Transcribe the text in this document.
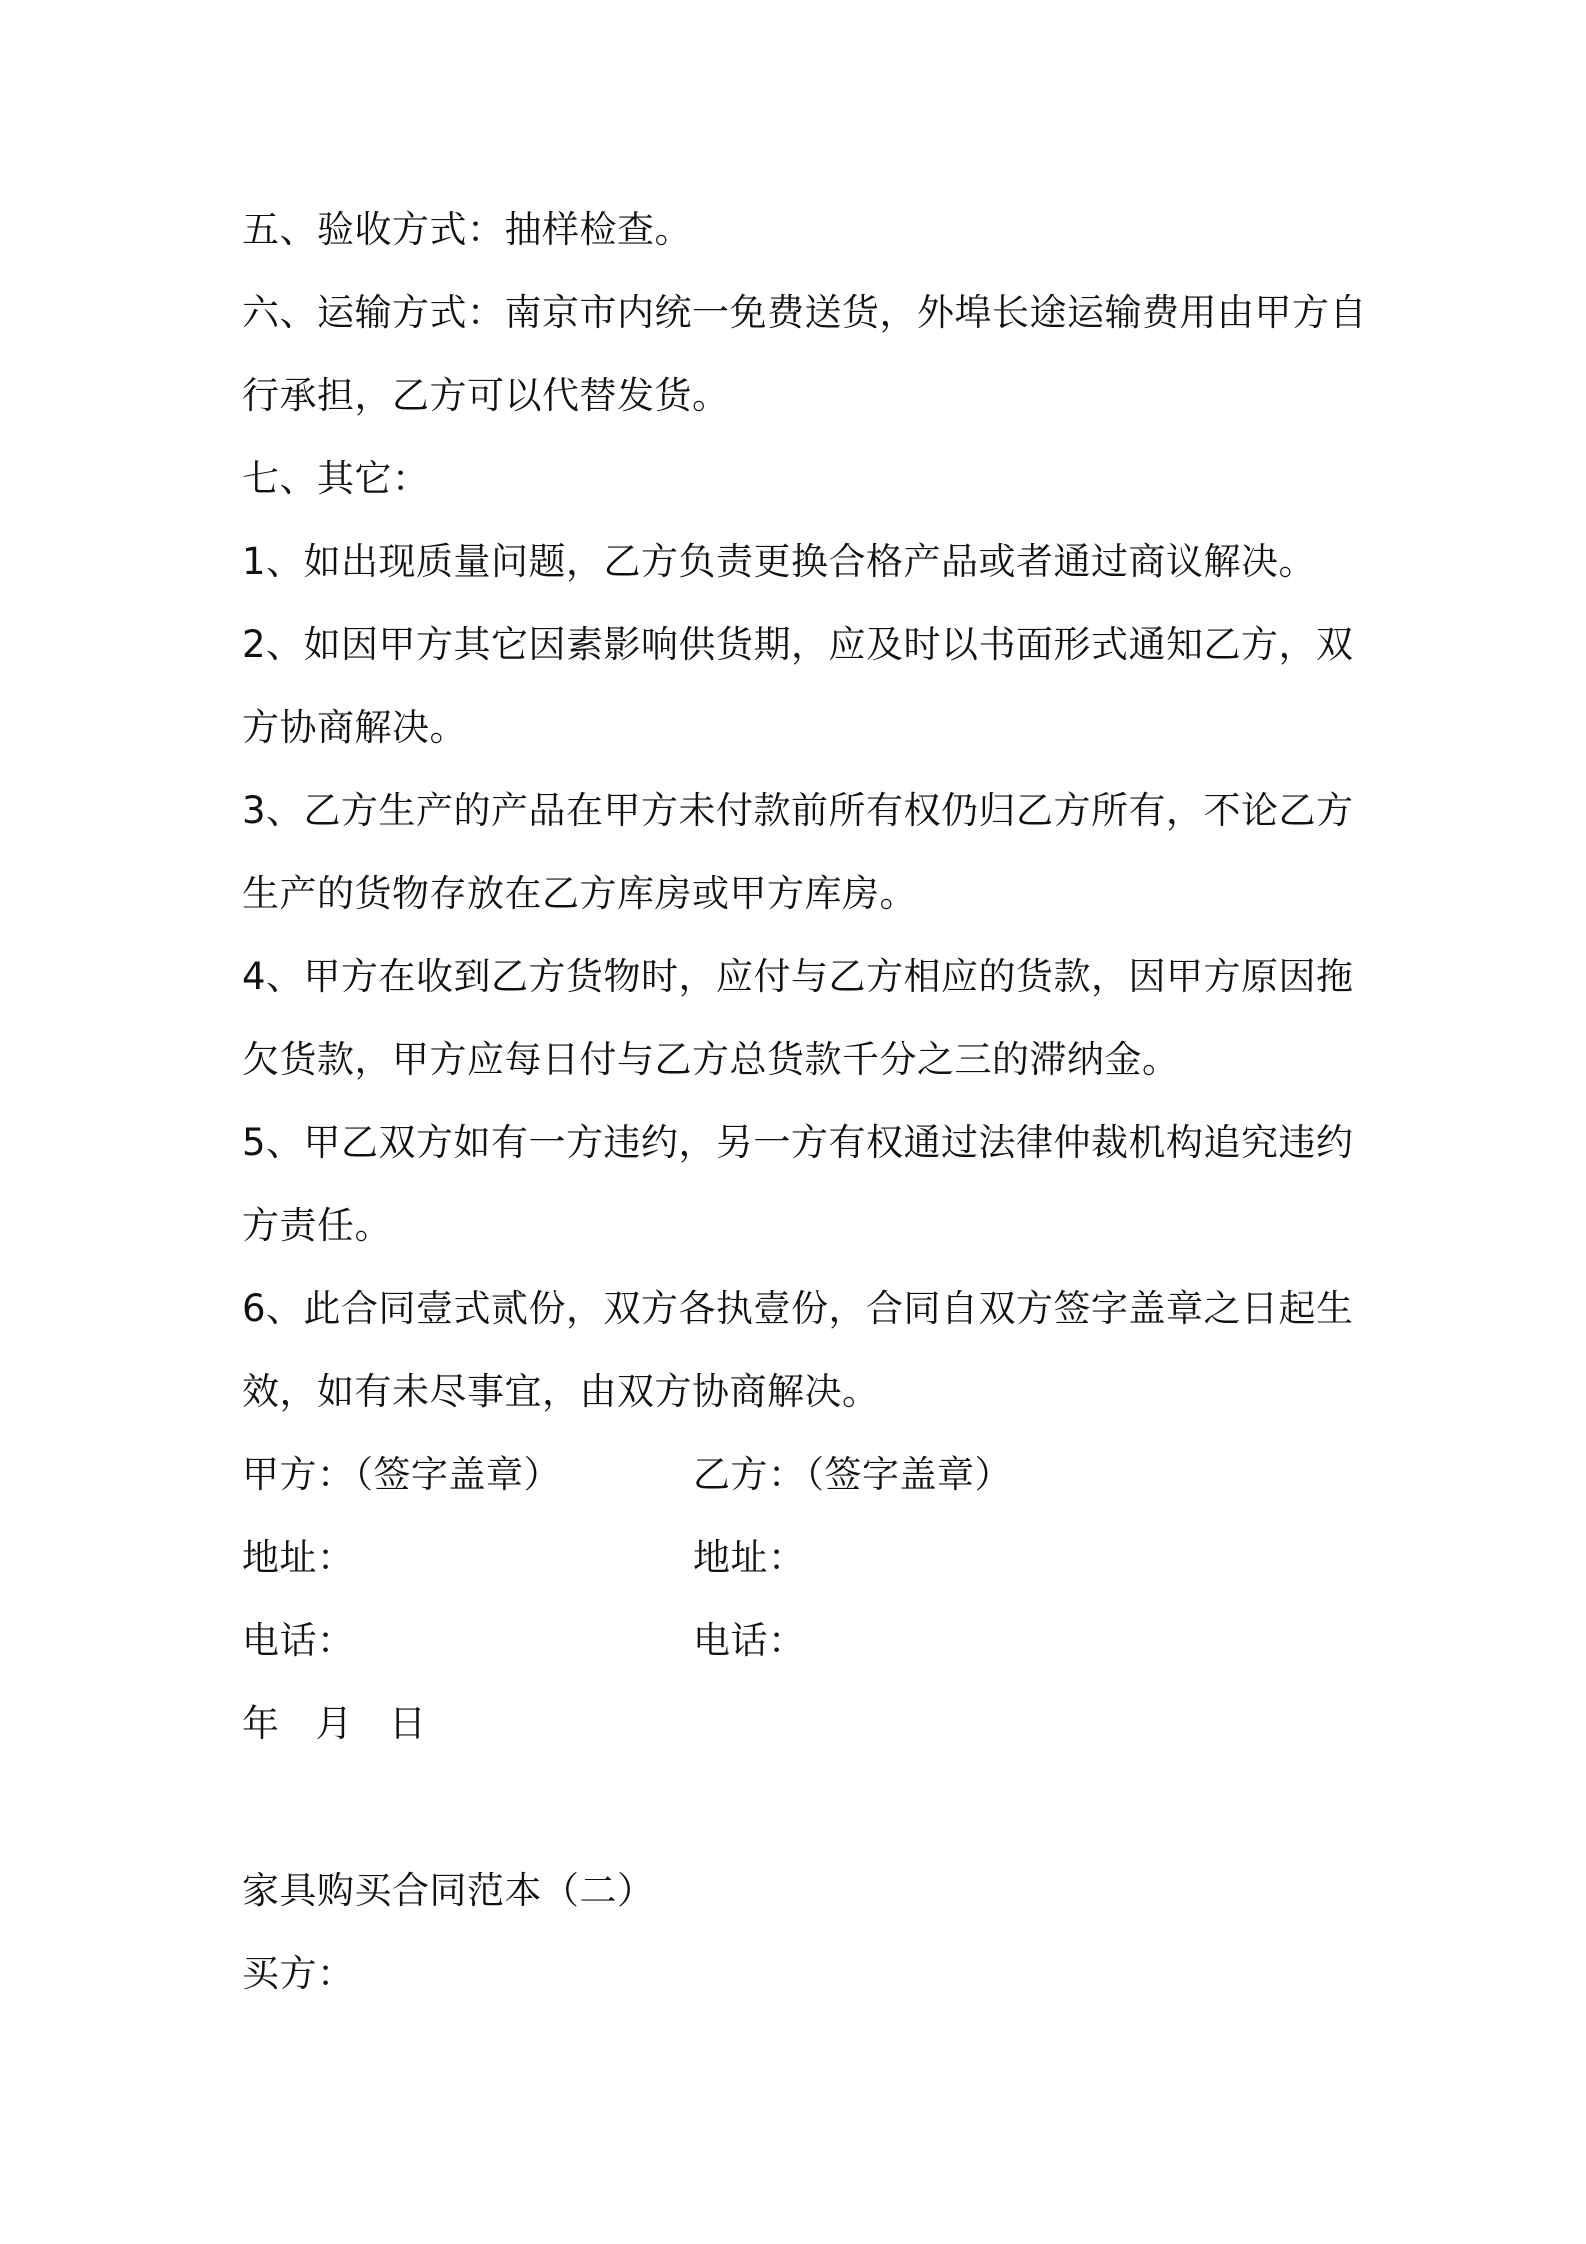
五、验收方式：抽样检查。
六、运输方式：南京市内统一免费送货，外埠长途运输费用由甲方自
行承担，乙方可以代替发货。
七、其它：
1、如出现质量问题，乙方负责更换合格产品或者通过商议解决。
2、如因甲方其它因素影响供货期，应及时以书面形式通知乙方，双
方协商解决。
3、乙方生产的产品在甲方未付款前所有权仍归乙方所有，不论乙方
生产的货物存放在乙方库房或甲方库房。
4、甲方在收到乙方货物时，应付与乙方相应的货款，因甲方原因拖
欠货款，甲方应每日付与乙方总货款千分之三的滞纳金。
5、甲乙双方如有一方违约，另一方有权通过法律仲裁机构追究违约
方责任。
6、此合同壹式贰份，双方各执壹份，合同自双方签字盖章之日起生
效，如有未尽事宜，由双方协商解决。
甲方：（签字盖章）	乙方：（签字盖章）
地址：	地址：
电话：	电话：
年 月 日
家具购买合同范本（二）
买方：
